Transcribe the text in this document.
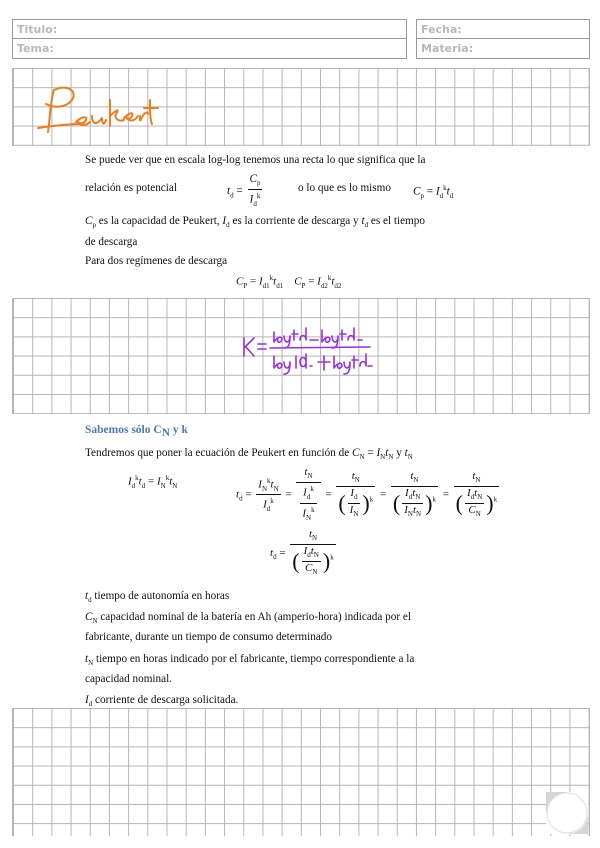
Titulo:
Tema:
Fecha:
Materia:
Se puede ver que en escala log-log tenemos una recta lo que significa que la
relación es potencial	$t_d = \frac{C_p}{I_d^k}$	o lo que es lo mismo $C_p = I_d^kt_d$
$C_p$ es la capacidad de Peukert, $I_d$ es la corriente de descarga y $t_d$ es el tiempo
de descarga
Para dos regímenes de descarga
$C_P = I_{d1}^kt_{d1}$ $C_P = I_{d2}^kt_{d2}$
Sabemos sólo $C_N$ y k
Tendremos que poner la ecuación de Peukert en función de $C_N = I_Nt_N$ y $t_N$
$I_d^kt_d = I_N^kt_N$
$t_d = \frac{I_N^kt_N}{I_d^k} = \frac{t_N}{\frac{I_d^k}{I_N^k}} = \frac{t_N}{( \frac{I_d}{I_N} )^k} = \frac{t_N}{( \frac{I_dt_N}{I_Nt_N} )^k} = \frac{t_N}{( \frac{I_dt_N}{C_N} )^k}$
$t_d = \frac{t_N}{( \frac{I_dt_N}{C_N} )^k}$
$t_d$ tiempo de autonomía en horas
$C_N$ capacidad nominal de la batería en Ah (amperio-hora) indicada por el
fabricante, durante un tiempo de consumo determinado
$t_N$ tiempo en horas indicado por el fabricante, tiempo correspondiente a la
capacidad nominal.
$I_d$ corriente de descarga solicitada.
